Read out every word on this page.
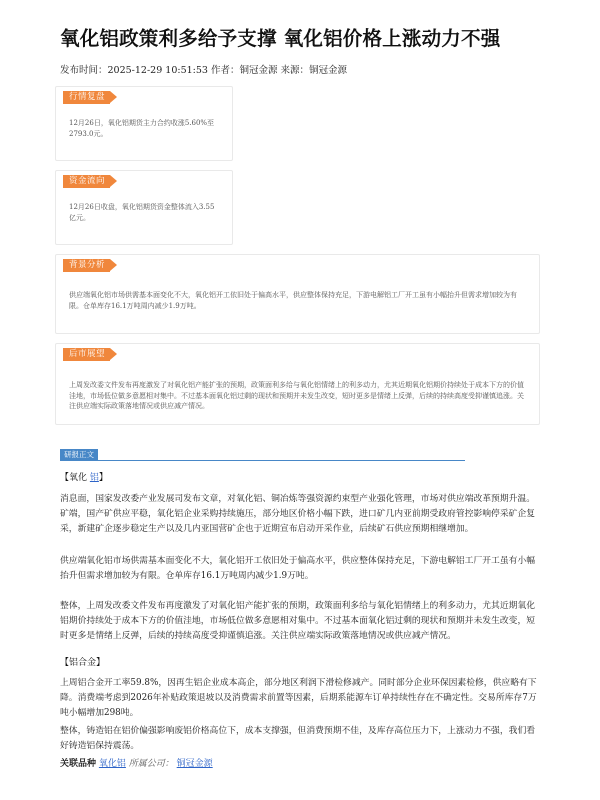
氧化铝政策利多给予支撑 氧化铝价格上涨动力不强
发布时间：2025-12-29 10:51:53 作者：铜冠金源 来源：铜冠金源
行情复盘
12月26日，氧化铝期货主力合约收涨5.60%至2793.0元。
资金流向
12月26日收盘，氧化铝期货资金整体流入3.55亿元。
背景分析
供应端氧化铝市场供需基本面变化不大，氧化铝开工依旧处于偏高水平，供应整体保持充足，下游电解铝工厂开工虽有小幅抬升但需求增加较为有限。仓单库存16.1万吨周内减少1.9万吨。
后市展望
上周发改委文件发布再度激发了对氧化铝产能扩张的预期，政策面利多给与氧化铝情绪上的利多动力，尤其近期氧化铝期价持续处于成本下方的价值洼地，市场低位做多意愿相对集中。不过基本面氧化铝过剩的现状和预期并未发生改变，短时更多是情绪上反弹，后续的持续高度受抑谨慎追涨。关注供应端实际政策落地情况或供应减产情况。
研报正文
【氧化 铝】
消息面，国家发改委产业发展司发布文章，对氧化铝、铜冶炼等强资源约束型产业强化管理，市场对供应端改革预期升温。矿端，国产矿供应平稳，氧化铝企业采购持续施压，部分地区价格小幅下跌，进口矿几内亚前期受政府管控影响停采矿企复采，新建矿企逐步稳定生产以及几内亚国营矿企也于近期宣布启动开采作业，后续矿石供应预期相继增加。
供应端氧化铝市场供需基本面变化不大，氧化铝开工依旧处于偏高水平，供应整体保持充足，下游电解铝工厂开工虽有小幅抬升但需求增加较为有限。仓单库存16.1万吨周内减少1.9万吨。
整体，上周发改委文件发布再度激发了对氧化铝产能扩张的预期，政策面利多给与氧化铝情绪上的利多动力，尤其近期氧化铝期价持续处于成本下方的价值洼地，市场低位做多意愿相对集中。不过基本面氧化铝过剩的现状和预期并未发生改变，短时更多是情绪上反弹，后续的持续高度受抑谨慎追涨。关注供应端实际政策落地情况或供应减产情况。
【铝合金】
上周铝合金开工率59.8%，因再生铝企业成本高企，部分地区利润下滑检修减产。同时部分企业环保因素检修，供应略有下降。消费端考虑到2026年补贴政策退坡以及消费需求前置等因素，后期系能源车订单持续性存在不确定性。交易所库存7万吨小幅增加298吨。
整体，铸造铝在铝价偏强影响废铝价格高位下，成本支撑强，但消费预期不佳，及库存高位压力下，上涨动力不强，我们看好铸造铝保持震荡。
关联品种 氧化铝 所属公司： 铜冠金源
